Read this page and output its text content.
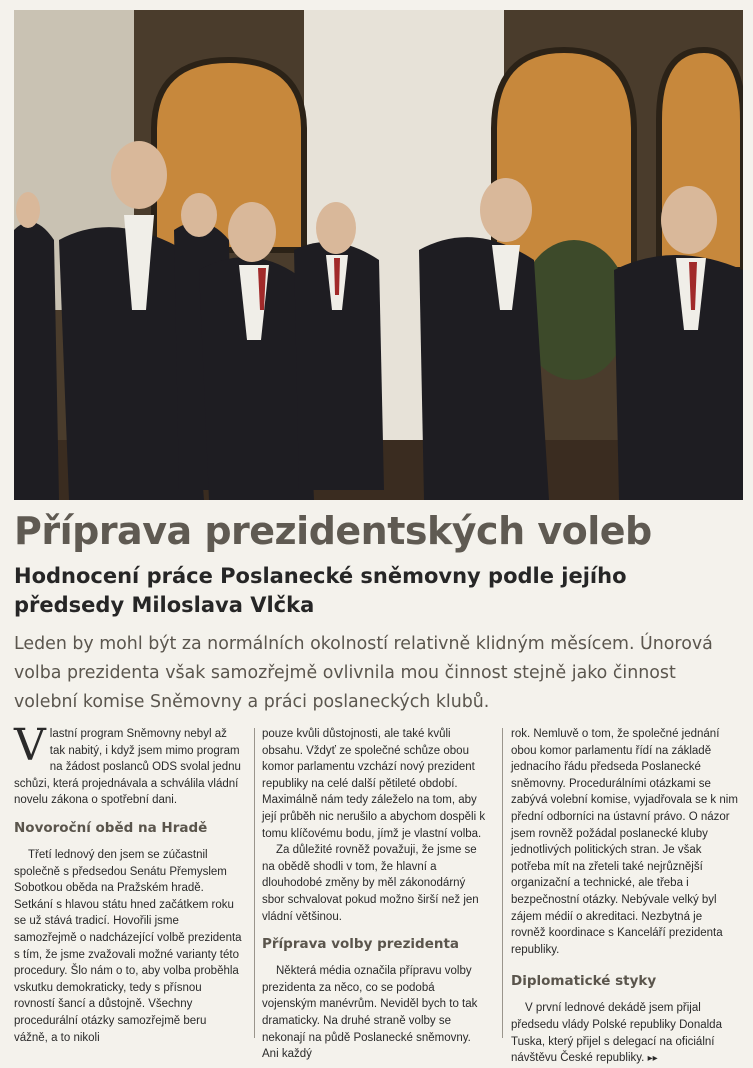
Příprava prezidentských voleb
Hodnocení práce Poslanecké sněmovny podle jejího předsedy Miloslava Vlčka
Leden by mohl být za normálních okolností relativně klidným měsícem. Únorová volba prezidenta však samozřejmě ovlivnila mou činnost stejně jako činnost volební komise Sněmovny a práci poslaneckých klubů.

Vlastní program Sněmovny nebyl až tak nabitý, i když jsem mimo program na žádost poslanců ODS svolal jednu schůzi, která projednávala a schválila vládní novelu zákona o spotřební dani.

Novoroční oběd na Hradě

Třetí lednový den jsem se zúčastnil společně s předsedou Senátu Přemyslem Sobotkou oběda na Pražském hradě. Setkání s hlavou státu hned začátkem roku se už stává tradicí. Hovořili jsme samozřejmě o nadcházející volbě prezidenta s tím, že jsme zvažovali možné varianty této procedury. Šlo nám o to, aby volba proběhla vskutku demokraticky, tedy s přísnou rovností šancí a důstojně. Všechny procedurální otázky samozřejmě beru vážně, a to nikoli

pouze kvůli důstojnosti, ale také kvůli obsahu. Vždyť ze společné schůze obou komor parlamentu vzchází nový prezident republiky na celé další pětileté období. Maximálně nám tedy záleželo na tom, aby její průběh nic nerušilo a abychom dospěli k tomu klíčovému bodu, jímž je vlastní volba.

Za důležité rovněž považuji, že jsme se na obědě shodli v tom, že hlavní a dlouhodobé změny by měl zákonodárný sbor schvalovat pokud možno širší než jen vládní většinou.

Příprava volby prezidenta

Některá média označila přípravu volby prezidenta za něco, co se podobá vojenským manévrům. Neviděl bych to tak dramaticky. Na druhé straně volby se nekonají na půdě Poslanecké sněmovny. Ani každý

rok. Nemluvě o tom, že společné jednání obou komor parlamentu řídí na základě jednacího řádu předseda Poslanecké sněmovny. Procedurálními otázkami se zabývá volební komise, vyjadřovala se k nim přední odborníci na ústavní právo. O názor jsem rovněž požádal poslanecké kluby jednotlivých politických stran. Je však potřeba mít na zřeteli také nejrůznější organizační a technické, ale třeba i bezpečnostní otázky. Nebývale velký byl zájem médií o akreditaci. Nezbytná je rovněž koordinace s Kanceláří prezidenta republiky.

Diplomatické styky

V první lednové dekádě jsem přijal předsedu vlády Polské republiky Donalda Tuska, který přijel s delegací na oficiální návštěvu České republiky. ▸▸
